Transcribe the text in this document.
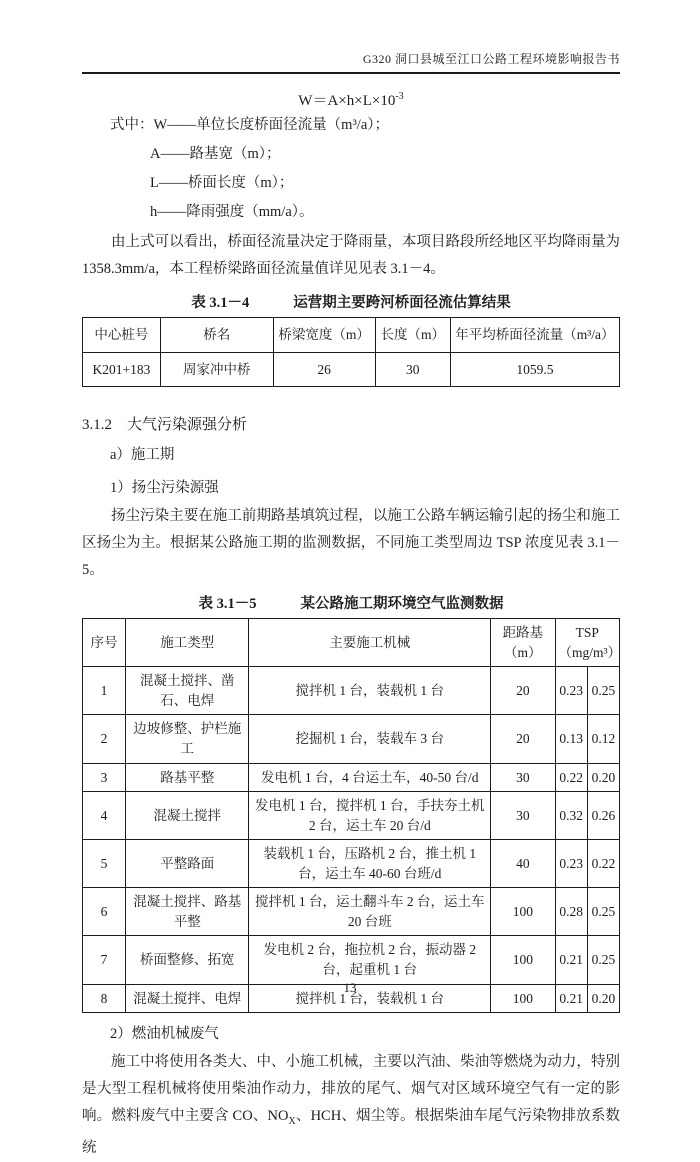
G320 洞口县城至江口公路工程环境影响报告书
$W=A\times h\times L\times 10^{-3}$
式中：W——单位长度桥面径流量（m³/a）；
A——路基宽（m）；
L——桥面长度（m）；
h——降雨强度（mm/a）。

由上式可以看出，桥面径流量决定于降雨量，本项目路段所经地区平均降雨量为1358.3mm/a，本工程桥梁路面径流量值详见见表 3.1－4。

表 3.1－4	运营期主要跨河桥面径流估算结果
中心桩号	桥名	桥梁宽度（m）	长度（m）	年平均桥面径流量（m³/a）
K201+183	周家冲中桥	26	30	1059.5
3.1.2　大气污染源强分析
a）施工期
1）扬尘污染源强

扬尘污染主要在施工前期路基填筑过程，以施工公路车辆运输引起的扬尘和施工区扬尘为主。根据某公路施工期的监测数据，不同施工类型周边 TSP 浓度见表 3.1－5。

表 3.1－5	某公路施工期环境空气监测数据
序号	施工类型	主要施工机械	距路基（m）	TSP（mg/m³）	
1	混凝土搅拌、凿石、电焊	搅拌机 1 台，装载机 1 台	20	0.23	0.25
2	边坡修整、护栏施工	挖掘机 1 台，装载车 3 台	20	0.13	0.12
3	路基平整	发电机 1 台，4 台运土车，40-50 台/d	30	0.22	0.20
4	混凝土搅拌	发电机 1 台，搅拌机 1 台，手扶夯土机 2 台，运土车 20 台/d	30	0.32	0.26
5	平整路面	装载机 1 台，压路机 2 台，推土机 1 台，运土车 40-60 台班/d	40	0.23	0.22
6	混凝土搅拌、路基平整	搅拌机 1 台，运土翻斗车 2 台，运土车 20 台班	100	0.28	0.25
7	桥面整修、拓宽	发电机 2 台，拖拉机 2 台，振动器 2 台，起重机 1 台	100	0.21	0.25
8	混凝土搅拌、电焊	搅拌机 1 台，装载机 1 台	100	0.21	0.20
2）燃油机械废气

施工中将使用各类大、中、小施工机械，主要以汽油、柴油等燃烧为动力，特别是大型工程机械将使用柴油作动力，排放的尾气、烟气对区域环境空气有一定的影响。燃料废气中主要含 CO、$NO_X$、HCH、烟尘等。根据柴油车尾气污染物排放系数统

13
